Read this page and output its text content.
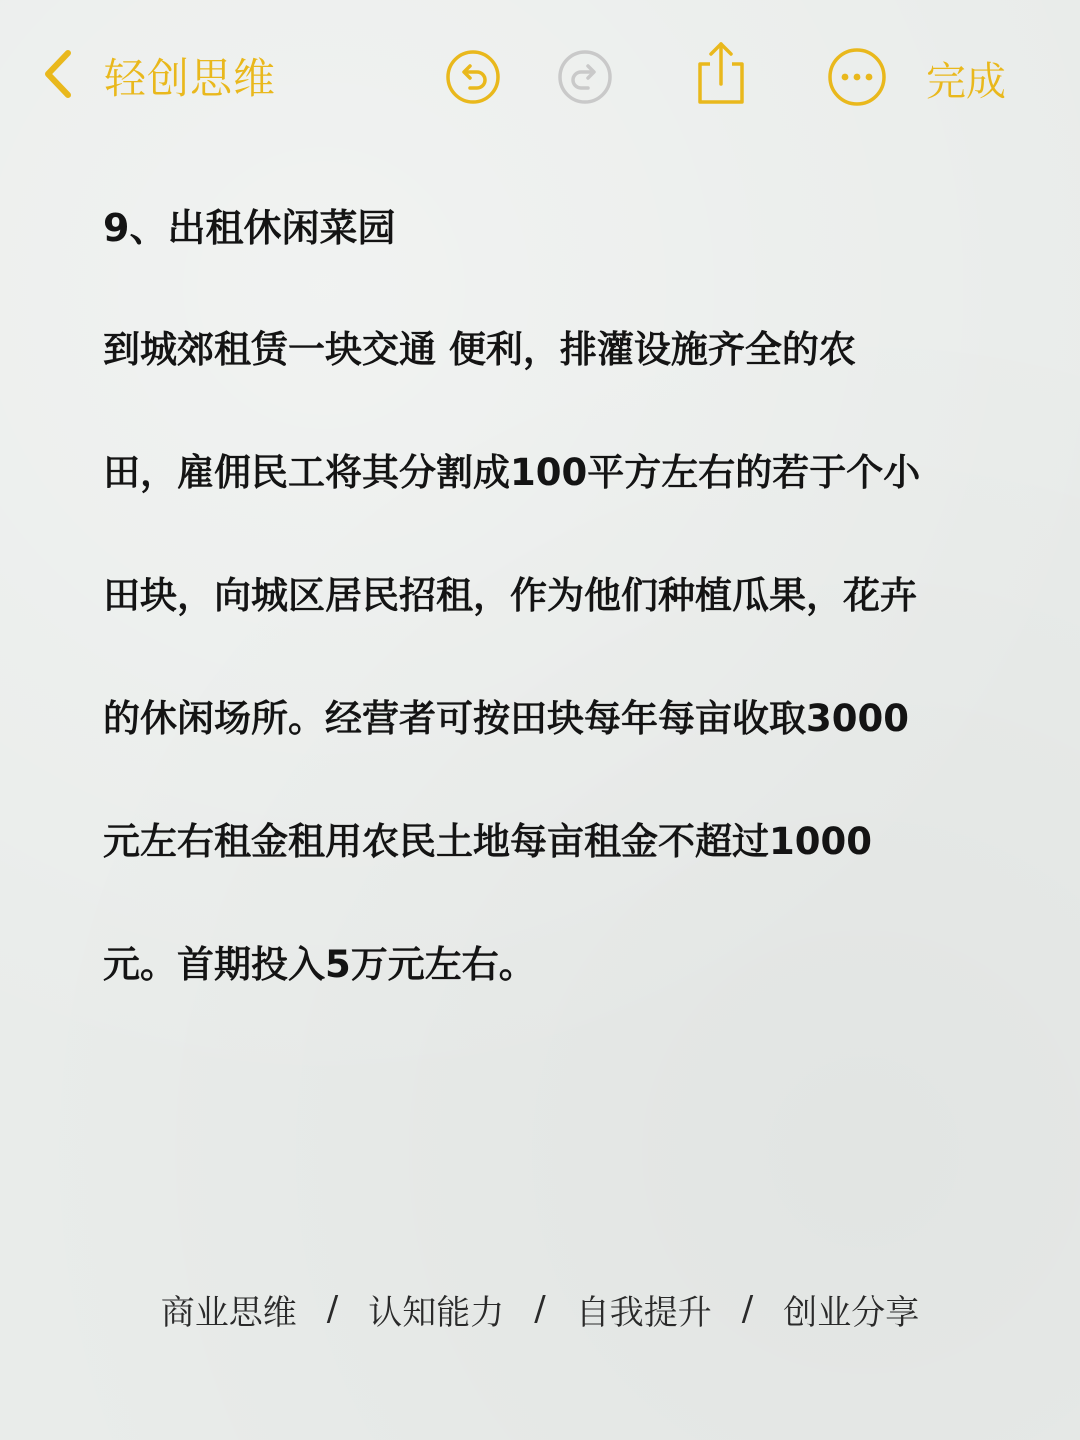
轻创思维	完成
9、出租休闲菜园
到城郊租赁一块交通 便利，排灌设施齐全的农
田，雇佣民工将其分割成100平方左右的若于个小
田块，向城区居民招租，作为他们种植瓜果，花卉
的休闲场所。经营者可按田块每年每亩收取3000
元左右租金租用农民土地每亩租金不超过1000
元。首期投入5万元左右。
商业思维 / 认知能力 / 自我提升 / 创业分享
